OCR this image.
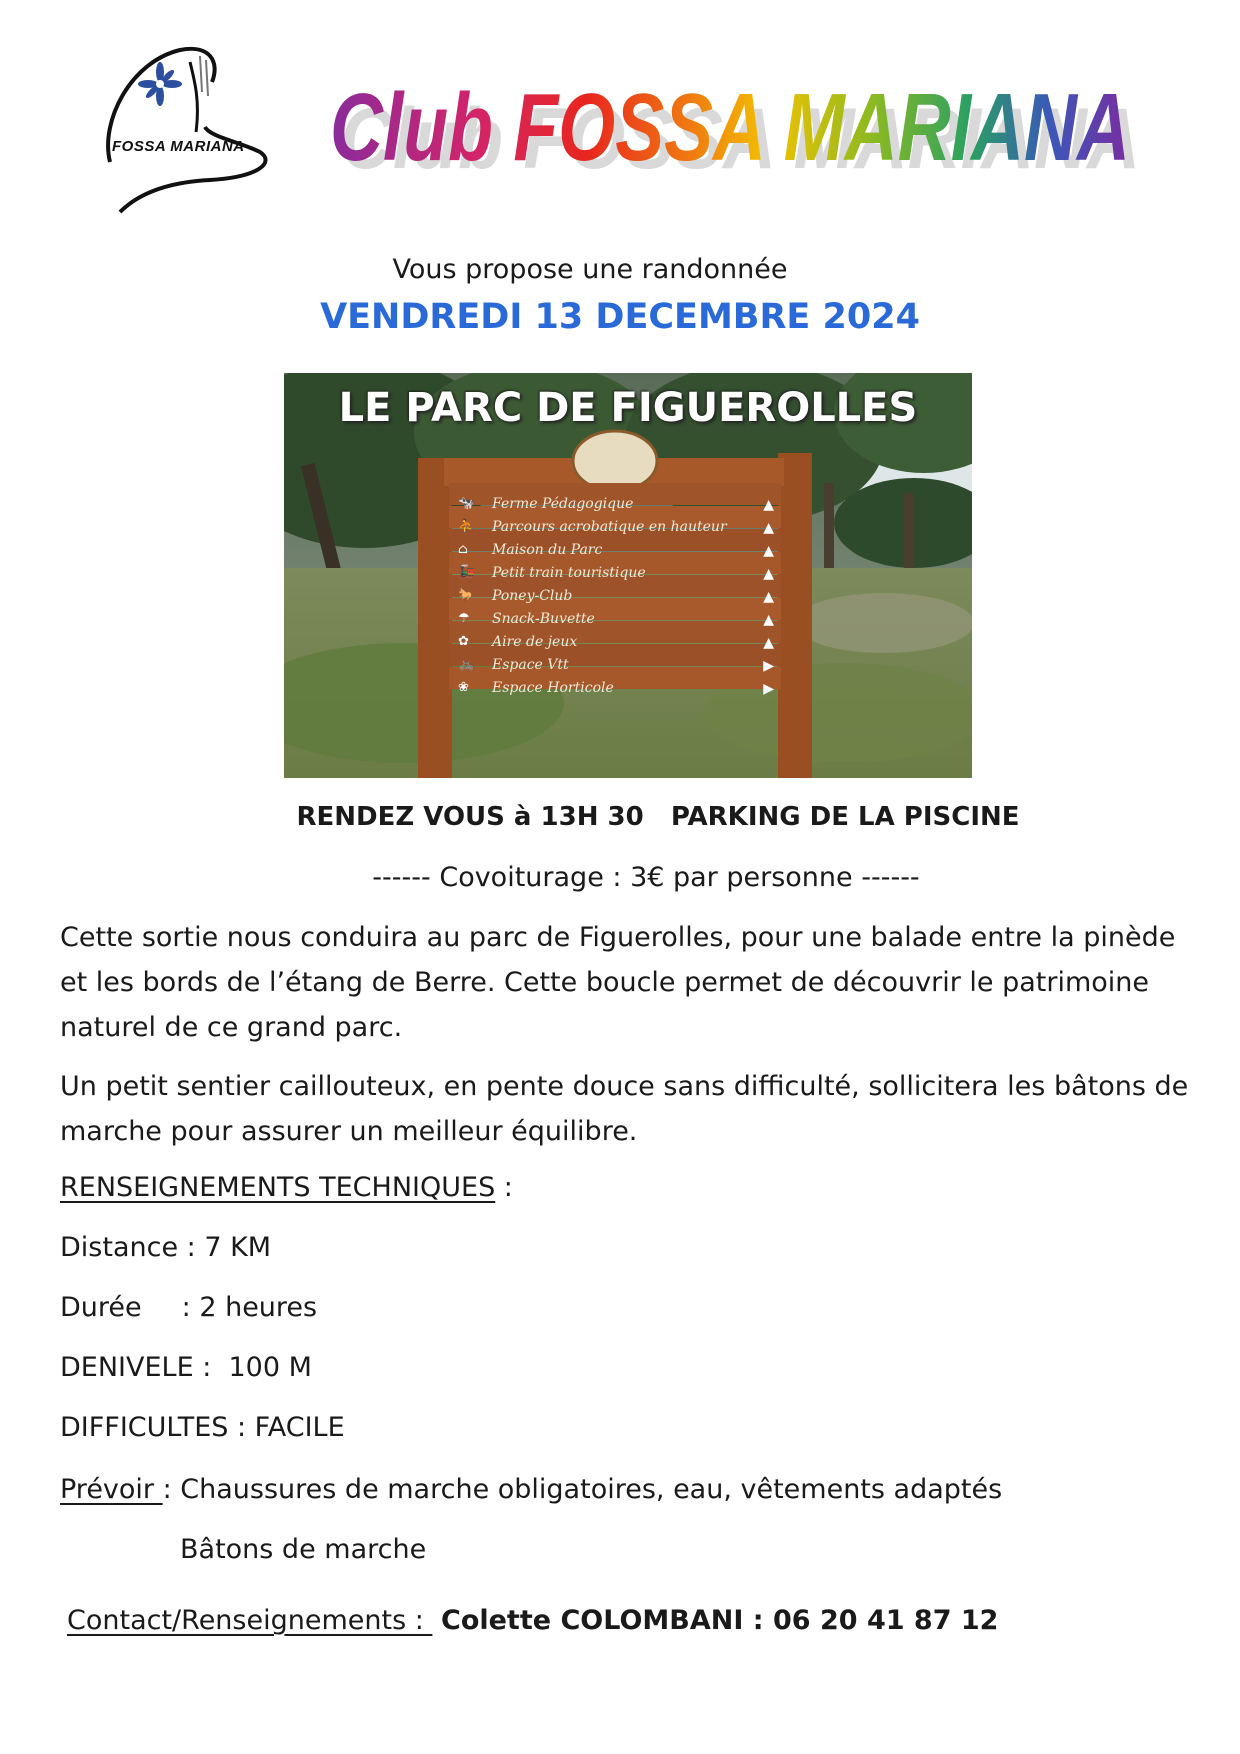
FOSSA MARIANA Club FOSSA MARIANA
Club FOSSA MARIANA
Vous propose une randonnée
VENDREDI 13 DECEMBRE 2024
LE PARC DE FIGUEROLLES
🐄 Ferme Pédagogique	▲
⛹ Parcours acrobatique en hauteur	▲
⌂ Maison du Parc	▲
🚂 Petit train touristique	▲
🐎 Poney-Club	▲
☂ Snack-Buvette	▲
✿ Aire de jeux	▲
🚲 Espace Vtt	▶
❀ Espace Horticole	▶
RENDEZ VOUS à 13H 30   PARKING DE LA PISCINE
------ Covoiturage : 3€ par personne ------
Cette sortie nous conduira au parc de Figuerolles, pour une balade entre la pinède et les bords de l’étang de Berre. Cette boucle permet de découvrir le patrimoine naturel de ce grand parc.
Un petit sentier caillouteux, en pente douce sans difficulté, sollicitera les bâtons de marche pour assurer un meilleur équilibre.
RENSEIGNEMENTS TECHNIQUES :
Distance : 7 KM
Durée : 2 heures
DENIVELE :  100 M
DIFFICULTES : FACILE
Prévoir : Chaussures de marche obligatoires, eau, vêtements adaptés
Bâtons de marche
Contact/Renseignements :  Colette COLOMBANI : 06 20 41 87 12
